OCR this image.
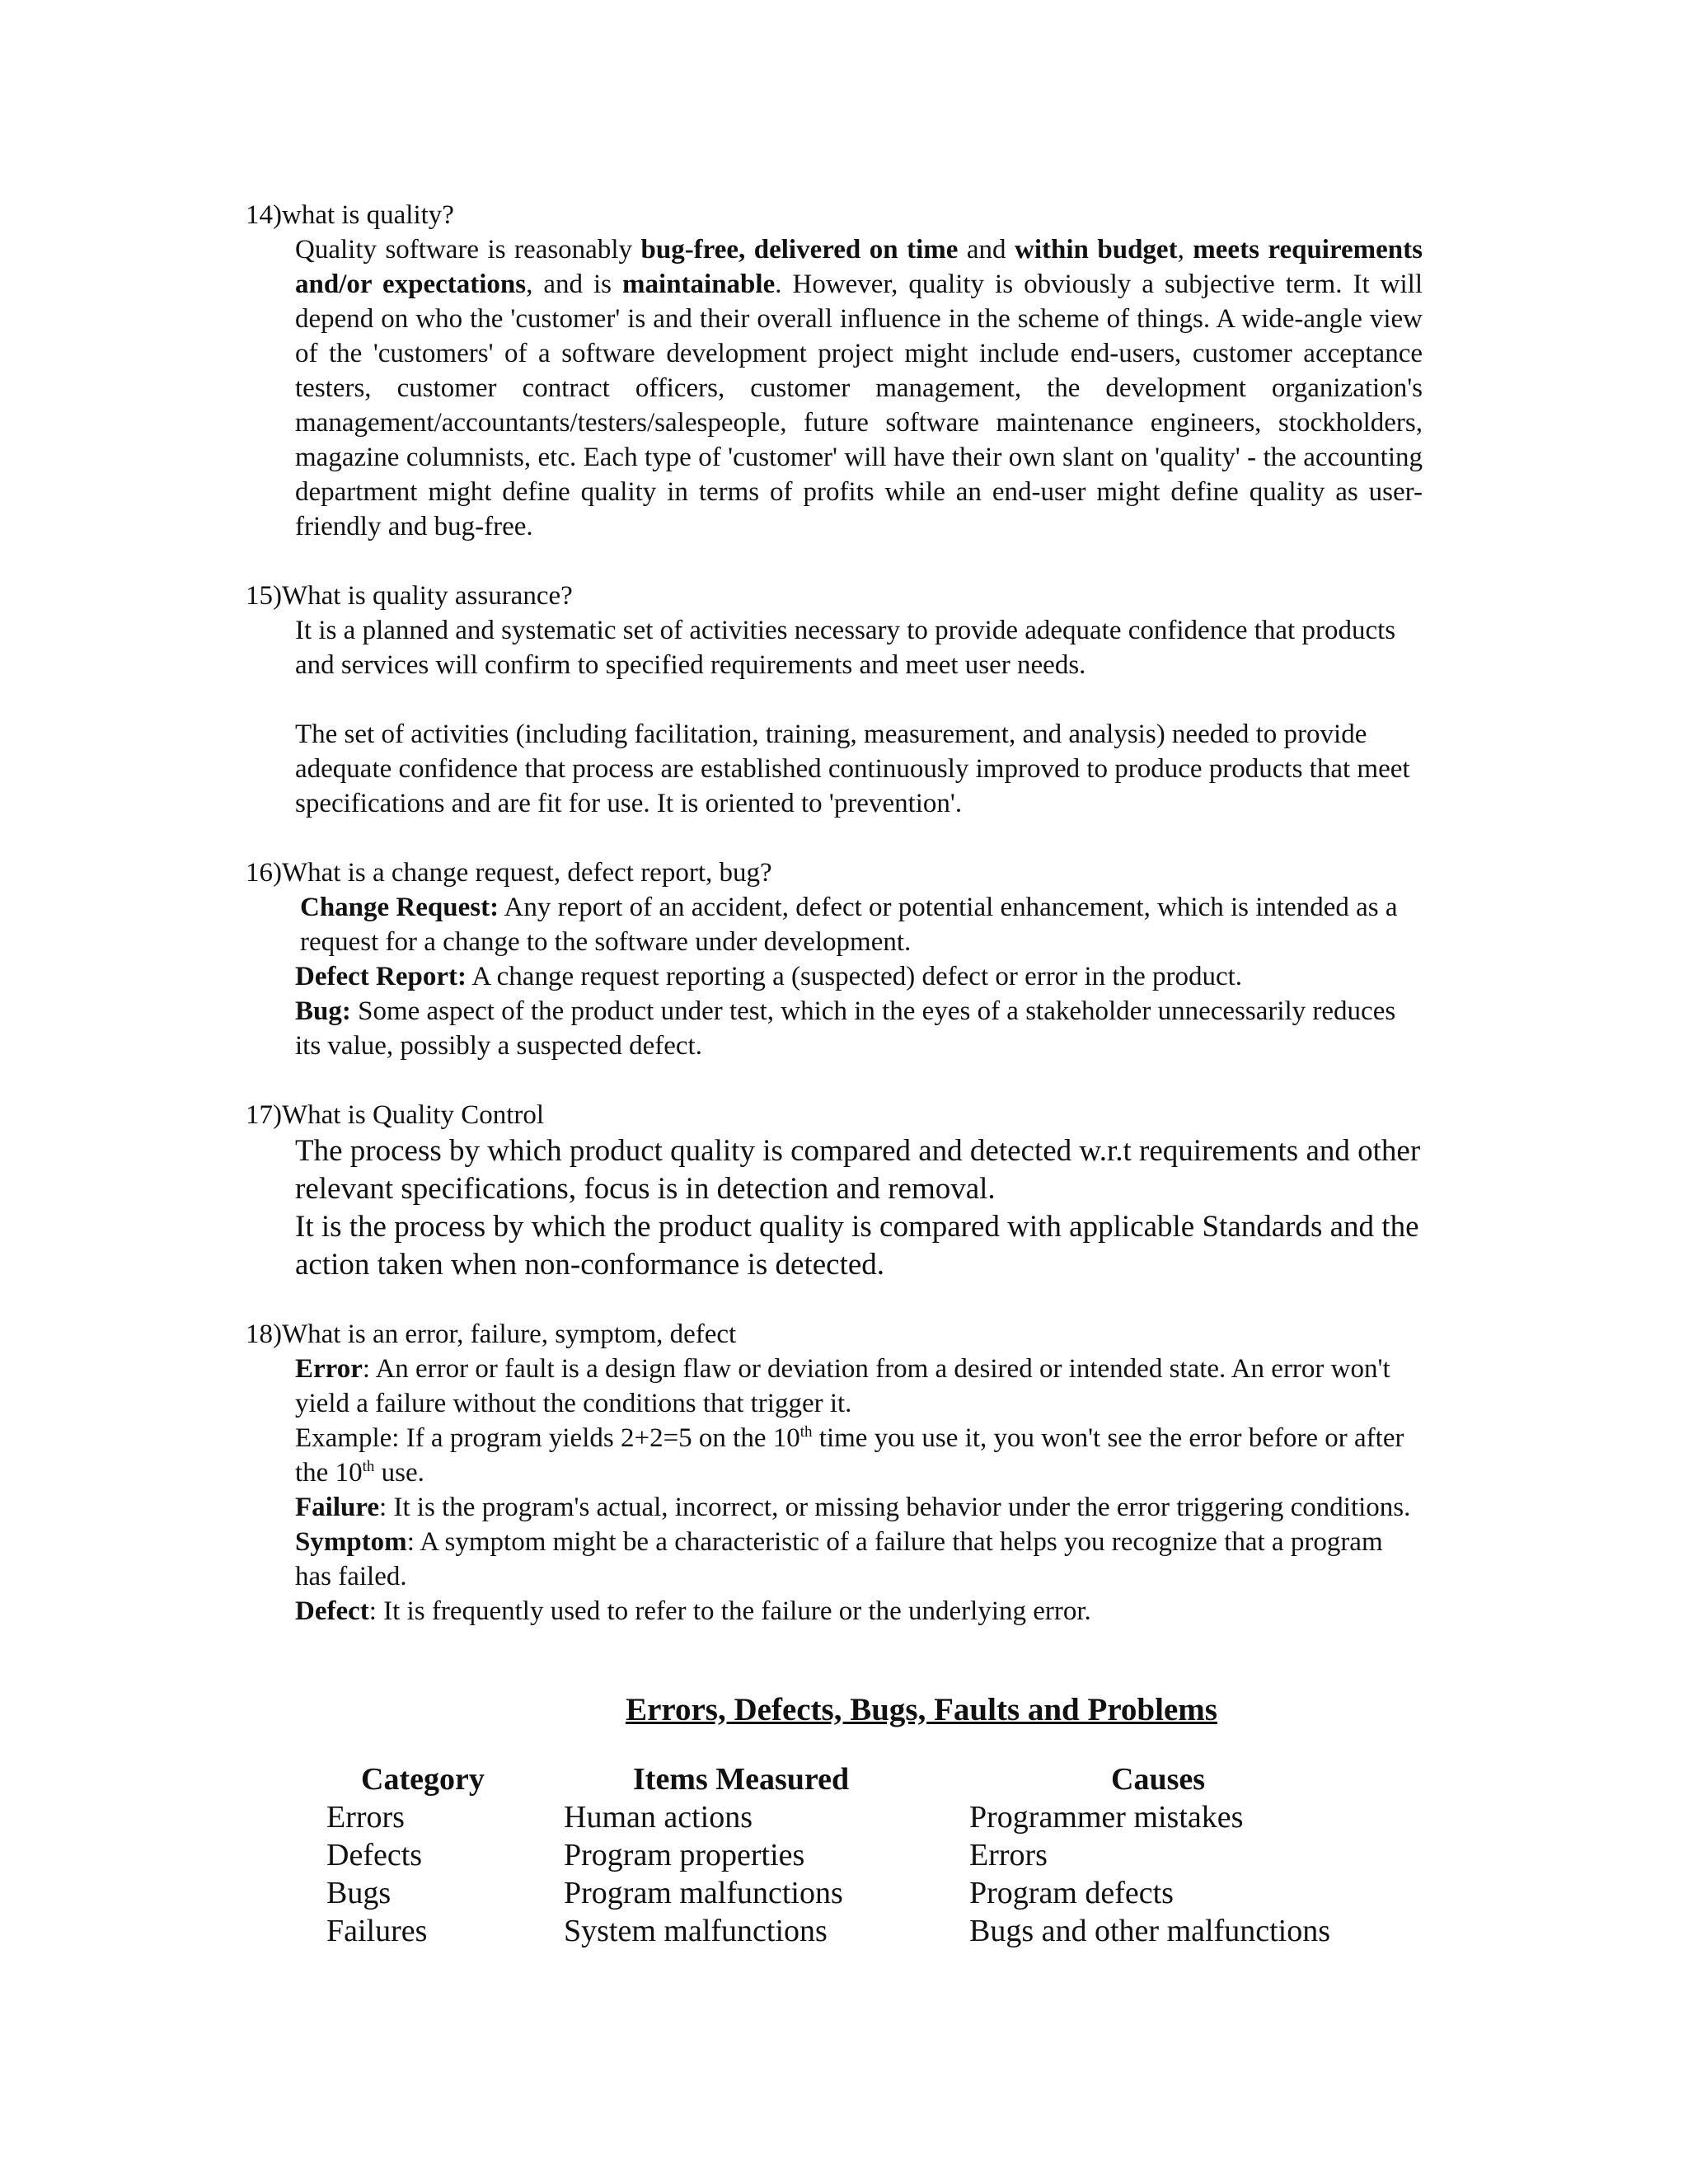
14)what is quality?
Quality software is reasonably bug-free, delivered on time and within budget, meets requirements and/or expectations, and is maintainable. However, quality is obviously a subjective term. It will depend on who the 'customer' is and their overall influence in the scheme of things. A wide-angle view of the 'customers' of a software development project might include end-users, customer acceptance testers, customer contract officers, customer management, the development organization's management/accountants/testers/salespeople, future software maintenance engineers, stockholders, magazine columnists, etc. Each type of 'customer' will have their own slant on 'quality' - the accounting department might define quality in terms of profits while an end-user might define quality as user-friendly and bug-free.
15)What is quality assurance?
It is a planned and systematic set of activities necessary to provide adequate confidence that products and services will confirm to specified requirements and meet user needs.
The set of activities (including facilitation, training, measurement, and analysis) needed to provide adequate confidence that process are established continuously improved to produce products that meet specifications and are fit for use. It is oriented to 'prevention'.
16)What is a change request, defect report, bug?
Change Request: Any report of an accident, defect or potential enhancement, which is intended as a request for a change to the software under development.
Defect Report: A change request reporting a (suspected) defect or error in the product.
Bug: Some aspect of the product under test, which in the eyes of a stakeholder unnecessarily reduces its value, possibly a suspected defect.
17)What is Quality Control
The process by which product quality is compared and detected w.r.t requirements and other relevant specifications, focus is in detection and removal.
It is the process by which the product quality is compared with applicable Standards and the action taken when non-conformance is detected.
18)What is an error, failure, symptom, defect
Error: An error or fault is a design flaw or deviation from a desired or intended state. An error won't yield a failure without the conditions that trigger it.
Example: If a program yields 2+2=5 on the 10th time you use it, you won't see the error before or after the 10th use.
Failure: It is the program's actual, incorrect, or missing behavior under the error triggering conditions.
Symptom: A symptom might be a characteristic of a failure that helps you recognize that a program has failed.
Defect: It is frequently used to refer to the failure or the underlying error.
Errors, Defects, Bugs, Faults and Problems
Category	Items Measured	Causes
Errors	Human actions	Programmer mistakes
Defects	Program properties	Errors
Bugs	Program malfunctions	Program defects
Failures	System malfunctions	Bugs and other malfunctions
